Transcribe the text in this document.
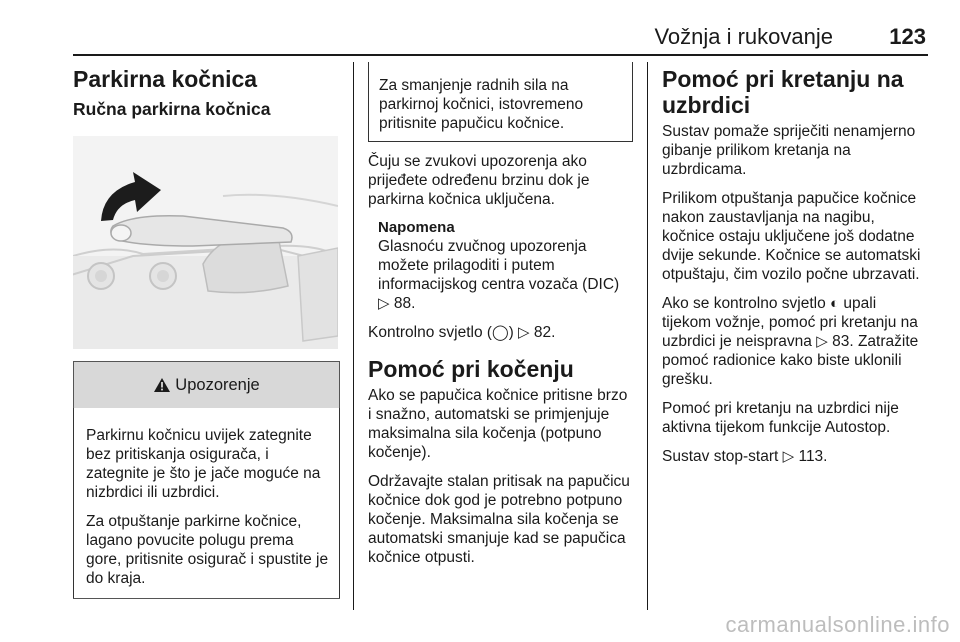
Vožnja i rukovanje	123
Parkirna kočnica
Ručna parkirna kočnica
Upozorenje

Parkirnu kočnicu uvijek zategnite bez pritiskanja osigurača, i zategnite je što je jače moguće na nizbrdici ili uzbrdici.

Za otpuštanje parkirne kočnice, lagano povucite polugu prema gore, pritisnite osigurač i spustite je do kraja.

Za smanjenje radnih sila na parkirnoj kočnici, istovremeno pritisnite papučicu kočnice.

Čuju se zvukovi upozorenja ako prijeđete određenu brzinu dok je parkirna kočnica uključena.

Napomena

Glasnoću zvučnog upozorenja možete prilagoditi i putem informacijskog centra vozača (DIC)
▷ 88.

Kontrolno svjetlo (◯) ▷ 82.

Pomoć pri kočenju

Ako se papučica kočnice pritisne brzo i snažno, automatski se primjenjuje maksimalna sila kočenja (potpuno kočenje).

Održavajte stalan pritisak na papučicu kočnice dok god je potrebno potpuno kočenje. Maksimalna sila kočenja se automatski smanjuje kad se papučica kočnice otpusti.

Pomoć pri kretanju na uzbrdici

Sustav pomaže spriječiti nenamjerno gibanje prilikom kretanja na uzbrdicama.

Prilikom otpuštanja papučice kočnice nakon zaustavljanja na nagibu, kočnice ostaju uključene još dodatne dvije sekunde. Kočnice se automatski otpuštaju, čim vozilo počne ubrzavati.

Ako se kontrolno svjetlo ◐ upali tijekom vožnje, pomoć pri kretanju na uzbrdici je neispravna ▷ 83. Zatražite pomoć radionice kako biste uklonili grešku.

Pomoć pri kretanju na uzbrdici nije aktivna tijekom funkcije Autostop.

Sustav stop-start ▷ 113.

carmanualsonline.info
